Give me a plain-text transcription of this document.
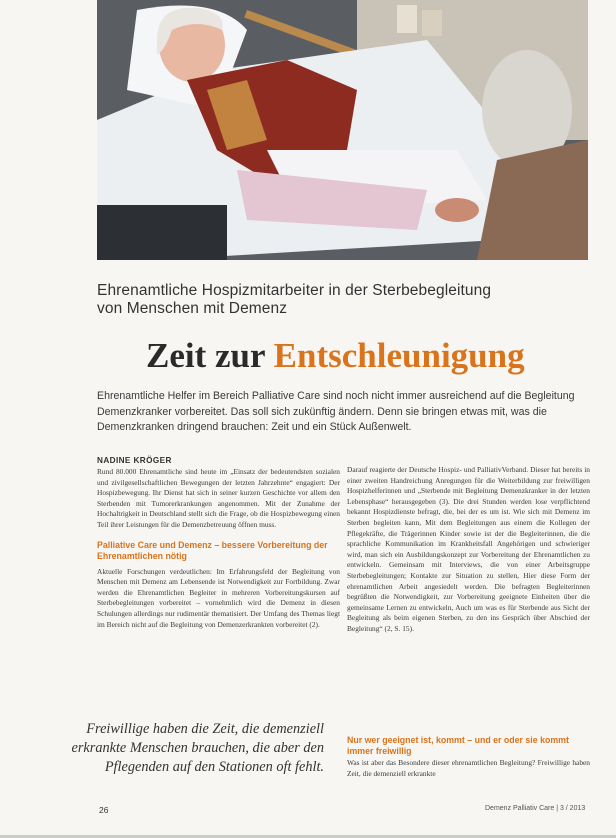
Ehrenamtliche Hospizmitarbeiter in der Sterbebegleitung
von Menschen mit Demenz
Zeit zur Entschleunigung
Ehrenamtliche Helfer im Bereich Palliative Care sind noch nicht immer ausreichend auf die Begleitung Demenzkranker vorbereitet. Das soll sich zukünftig ändern. Denn sie bringen etwas mit, was die Demenzkranken dringend brauchen: Zeit und ein Stück Außenwelt.
NADINE KRÖGER

Rund 80.000 Ehrenamtliche sind heute im „Einsatz der bedeutendsten sozialen und zivilgesellschaftlichen Bewegungen der letzten Jahrzehnte“ engagiert: Der Hospizbewegung. Ihr Dienst hat sich in seiner kurzen Geschichte vor allem den Sterbenden mit Tumorerkrankungen angenommen. Mit der Zunahme der Hochaltrigkeit in Deutschland stellt sich die Frage, ob die Hospizbewegung einen Teil ihrer Leistungen für die Demenzbetreuung öffnen muss.

Palliative Care und Demenz – bessere Vorbereitung der Ehrenamtlichen nötig

Aktuelle Forschungen verdeutlichen: Im Erfahrungsfeld der Begleitung von Menschen mit Demenz am Lebensende ist Notwendigkeit zur Fortbildung. Zwar werden die Ehrenamtlichen Begleiter in mehreren Vorbereitungskursen auf Sterbebegleitungen vorbereitet – vornehmlich wird die Demenz in diesen Schulungen allerdings nur rudimentär thematisiert. Der Umfang des Themas liegt im Bereich nicht auf die Begleitung von Demenzerkrankten vorbereitet (2).

Freiwillige haben die Zeit, die demenziell erkrankte Menschen brauchen, die aber den Pflegenden auf den Stationen oft fehlt.

Darauf reagierte der Deutsche Hospiz- und PalliativVerband. Dieser hat bereits in einer zweiten Handreichung Anregungen für die Weiterbildung zur freiwilligen Hospizhelferinnen und „Sterbende mit Begleitung Demenzkranker in der letzten Lebensphase“ herausgegeben (3). Die drei Stunden werden lose verpflichtend bekannt Hospizdienste befragt, die, bei der es um ist. Wie sich mit Demenz im Sterben begleiten kann, Mit dem Begleitungen aus einem die Kollegen der Pflegekräfte, die Trägerinnen Kinder sowie ist der die Begleiterinnen, die die sprachliche Kommunikation im Krankheitsfall Angehörigen und schwieriger wird, man sich ein Ausbildungskonzept zur Vorbereitung der Ehrenamtlichen zu entwickeln. Gemeinsam mit Interviews, die von einer Arbeitsgruppe Sterbebegleitungen; Kontakte zur Situation zu stellen, Hier diese Form der ehrenamtlichen Arbeit angesiedelt werden. Die befragten Begleiterinnen begrüßten die Notwendigkeit, zur Vorbereitung geeignete Einheiten über die gemeinsame Lernen zu entwickeln, Auch um was es für Sterbende aus Sicht der Begleitung als beim eigenen Sterben, zu den ins Gespräch über Abschied der Begleitung“ (2, S. 15).

Nur wer geeignet ist, kommt – und er oder sie kommt immer freiwillig

Was ist aber das Besondere dieser ehrenamtlichen Begleitung? Freiwillige haben Zeit, die demenziell erkrankte

26	Demenz Palliativ Care | 3 / 2013
